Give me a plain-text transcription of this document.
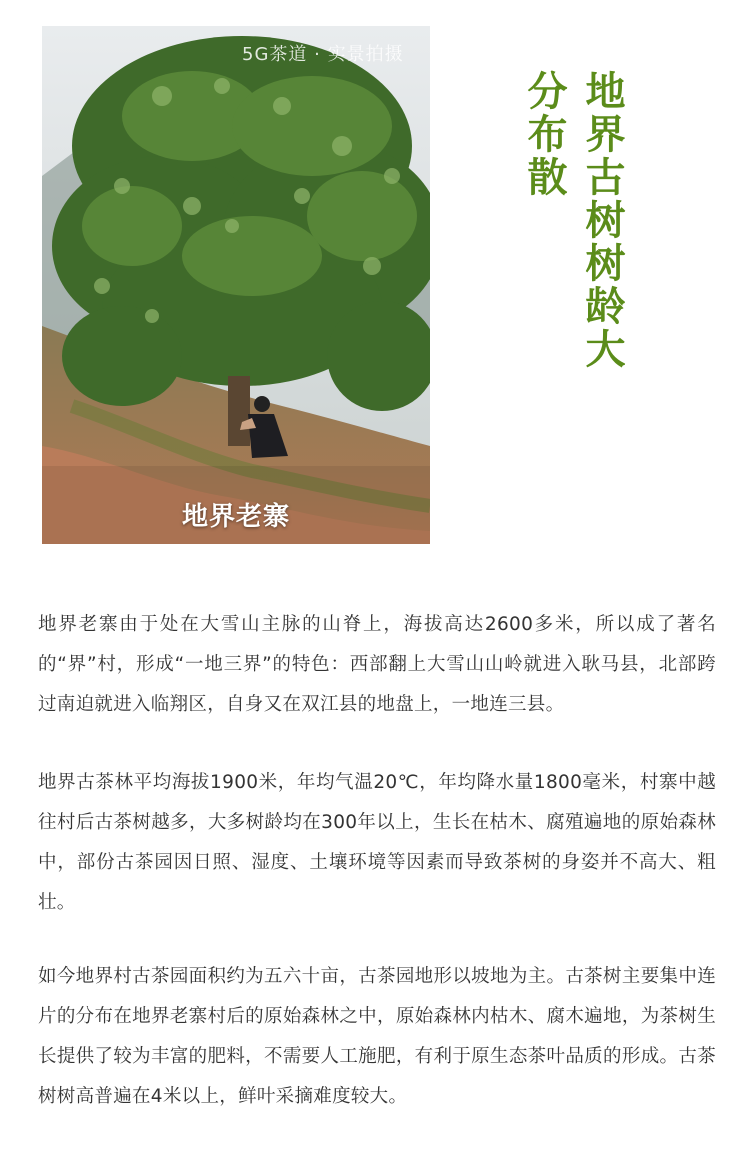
5G茶道 · 实景拍摄
地界老寨
地界古树树龄大
分布散

地界老寨由于处在大雪山主脉的山脊上，海拔高达2600多米，所以成了著名的“界”村，形成“一地三界”的特色：西部翻上大雪山山岭就进入耿马县，北部跨过南迫就进入临翔区，自身又在双江县的地盘上，一地连三县。

地界古茶林平均海拔1900米，年均气温20℃，年均降水量1800毫米，村寨中越往村后古茶树越多，大多树龄均在300年以上，生长在枯木、腐殖遍地的原始森林中，部份古茶园因日照、湿度、土壤环境等因素而导致茶树的身姿并不高大、粗壮。

如今地界村古茶园面积约为五六十亩，古茶园地形以坡地为主。古茶树主要集中连片的分布在地界老寨村后的原始森林之中，原始森林内枯木、腐木遍地，为茶树生长提供了较为丰富的肥料，不需要人工施肥，有利于原生态茶叶品质的形成。古茶树树高普遍在4米以上，鲜叶采摘难度较大。
